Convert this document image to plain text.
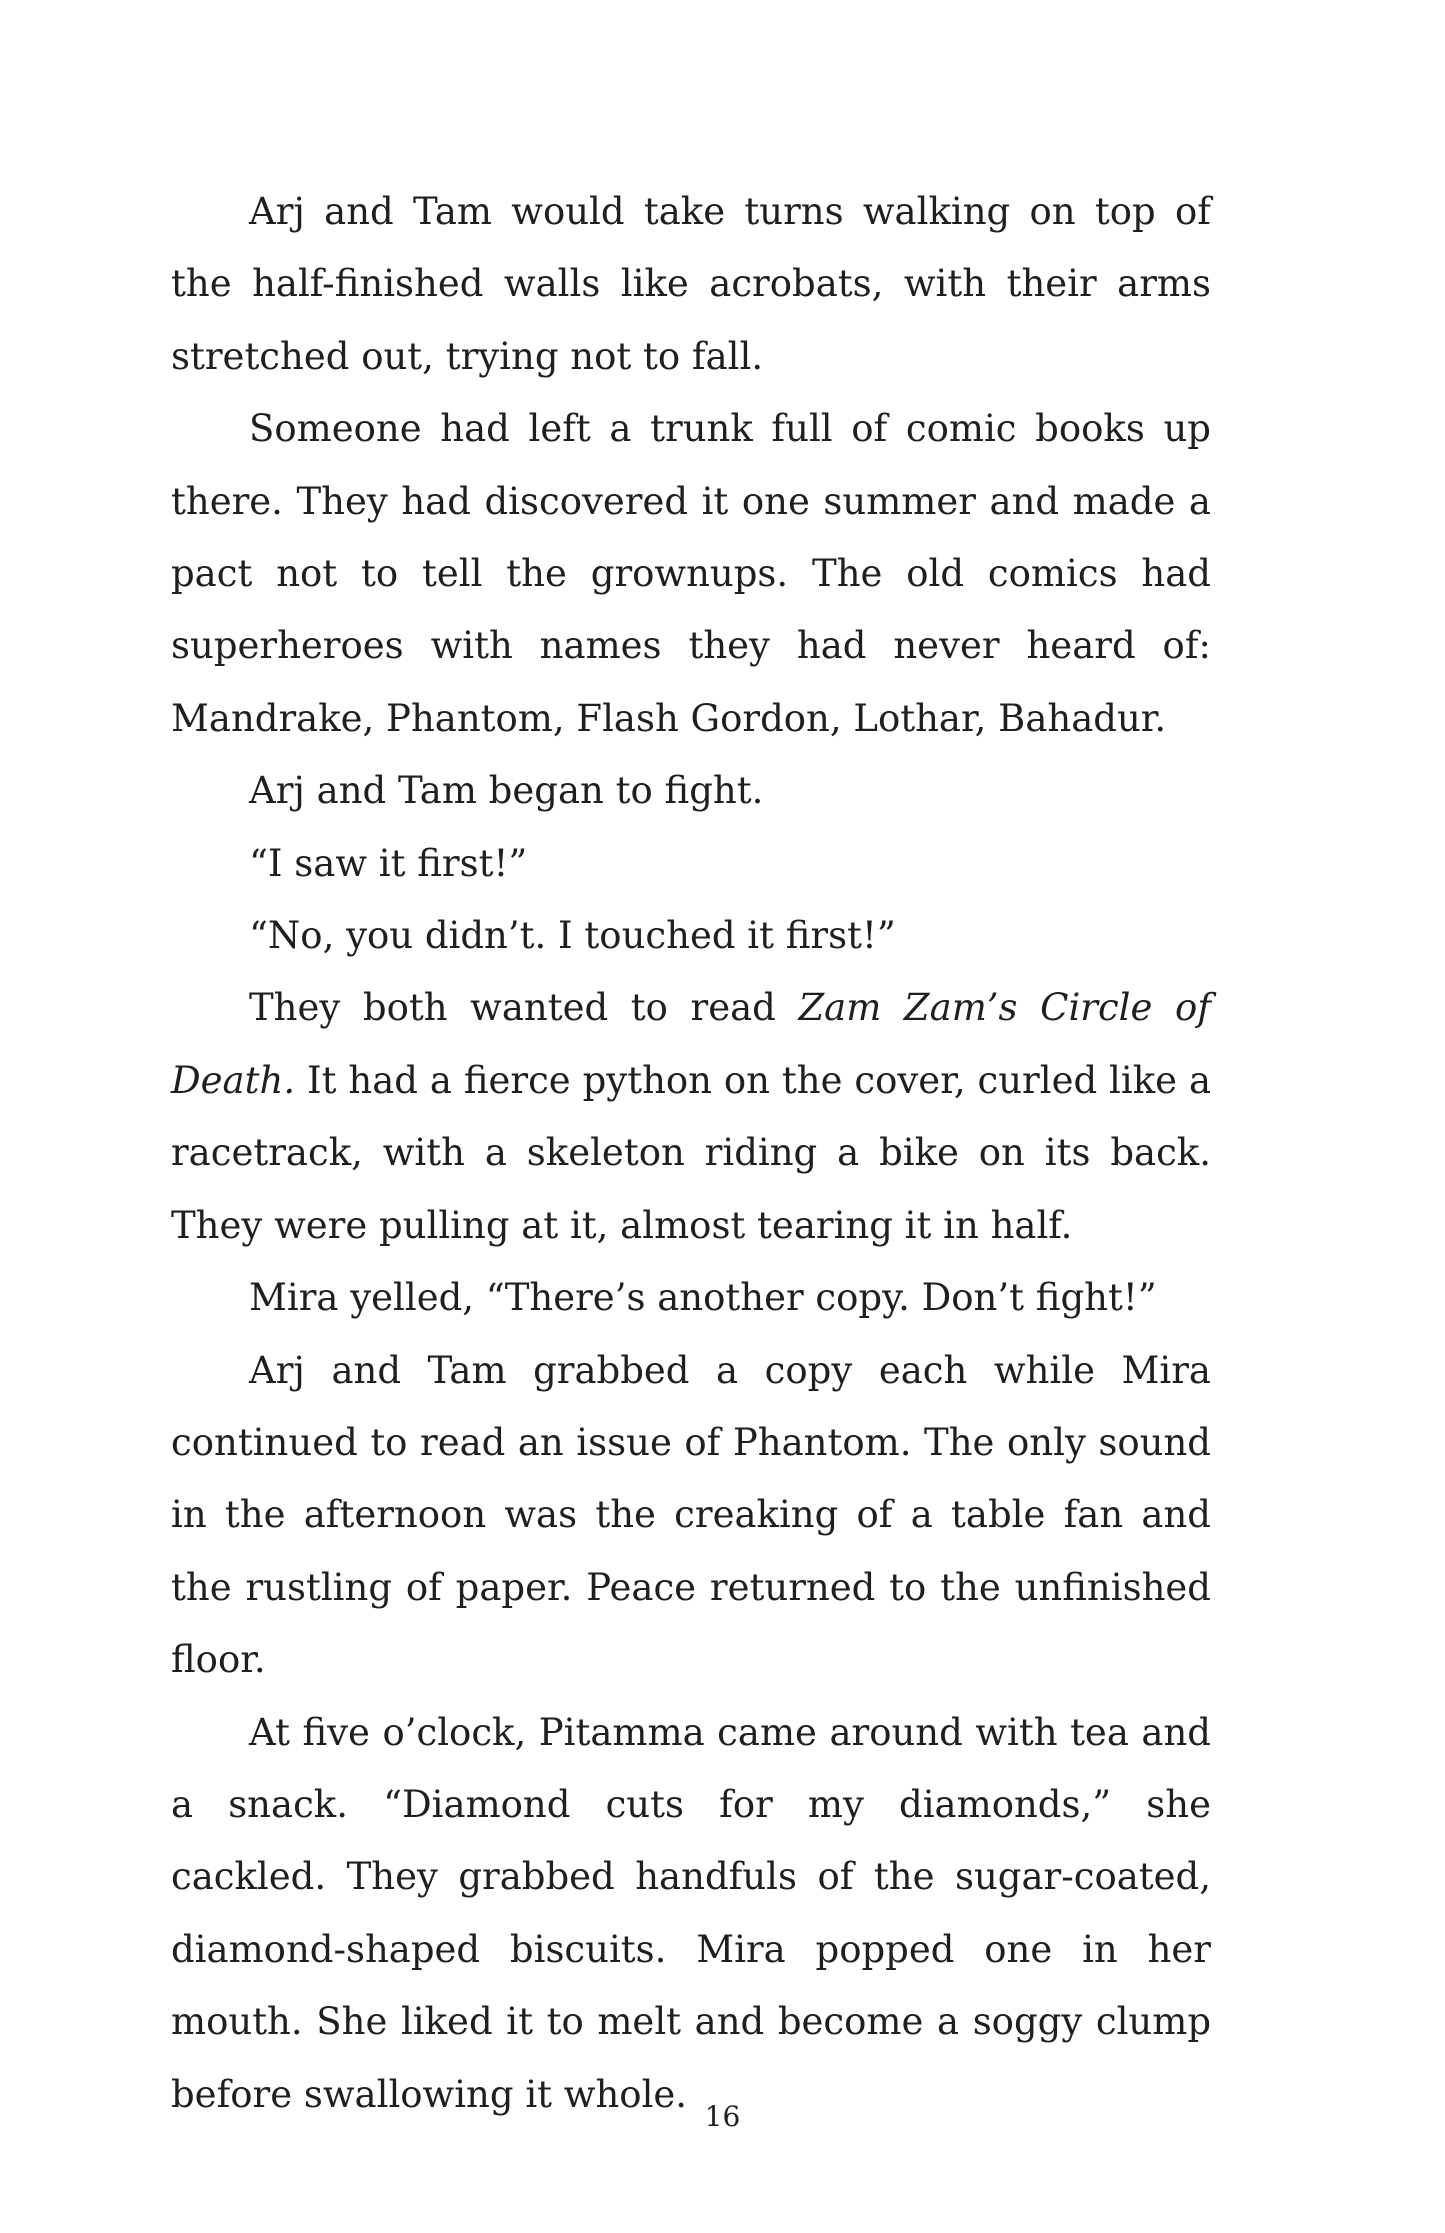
Arj and Tam would take turns walking on top of the half-finished walls like acrobats, with their arms stretched out, trying not to fall.

Someone had left a trunk full of comic books up there. They had discovered it one summer and made a pact not to tell the grownups. The old comics had superheroes with names they had never heard of: Mandrake, Phantom, Flash Gordon, Lothar, Bahadur.

Arj and Tam began to fight.

“I saw it first!”

“No, you didn’t. I touched it first!”

They both wanted to read Zam Zam’s Circle of Death. It had a fierce python on the cover, curled like a racetrack, with a skeleton riding a bike on its back. They were pulling at it, almost tearing it in half.

Mira yelled, “There’s another copy. Don’t fight!”

Arj and Tam grabbed a copy each while Mira continued to read an issue of Phantom. The only sound in the afternoon was the creaking of a table fan and the rustling of paper. Peace returned to the unfinished floor.

At five o’clock, Pitamma came around with tea and a snack. “Diamond cuts for my diamonds,” she cackled. They grabbed handfuls of the sugar-coated, diamond-shaped biscuits. Mira popped one in her mouth. She liked it to melt and become a soggy clump before swallowing it whole.

16
